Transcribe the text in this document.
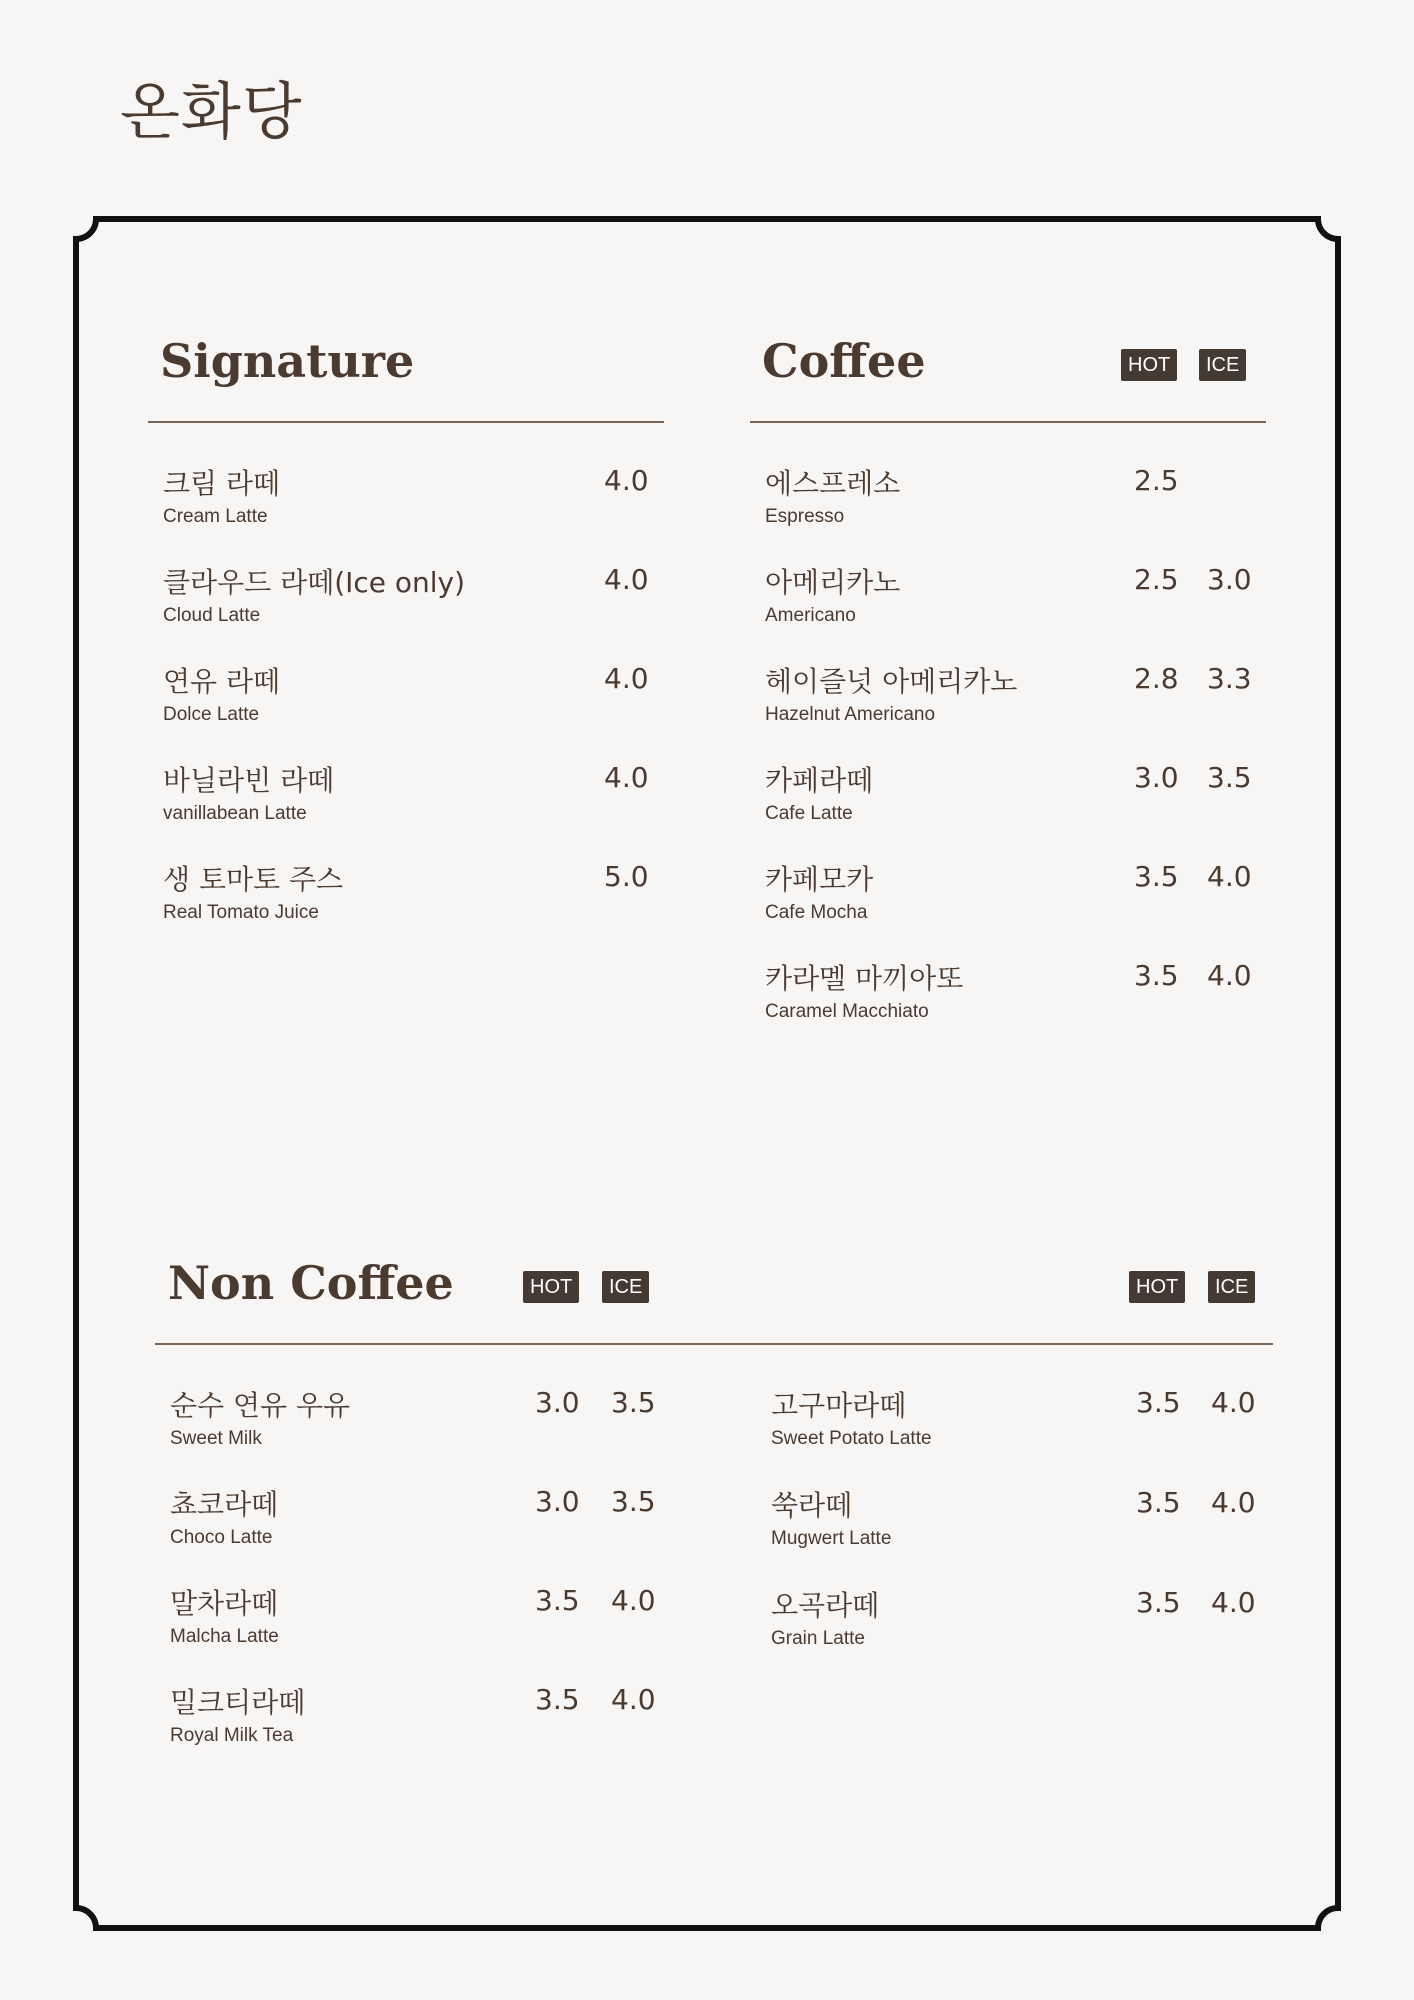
온화당
Signature
크림 라떼
Cream Latte
4.0
클라우드 라떼(Ice only)
Cloud Latte
4.0
연유 라떼
Dolce Latte
4.0
바닐라빈 라떼
vanillabean Latte
4.0
생 토마토 주스
Real Tomato Juice
5.0
Coffee	HOT	ICE
에스프레소
Espresso
2.5
아메리카노
Americano
2.5 3.0
헤이즐넛 아메리카노
Hazelnut Americano
2.8 3.3
카페라떼
Cafe Latte
3.0 3.5
카페모카
Cafe Mocha
3.5 4.0
카라멜 마끼아또
Caramel Macchiato
3.5 4.0
Non Coffee	HOT	ICE	HOT	ICE
순수 연유 우유
Sweet Milk
3.0 3.5
쵸코라떼
Choco Latte
3.0 3.5
말차라떼
Malcha Latte
3.5 4.0
밀크티라떼
Royal Milk Tea
3.5 4.0
고구마라떼
Sweet Potato Latte
3.5 4.0
쑥라떼
Mugwert Latte
3.5 4.0
오곡라떼
Grain Latte
3.5 4.0
